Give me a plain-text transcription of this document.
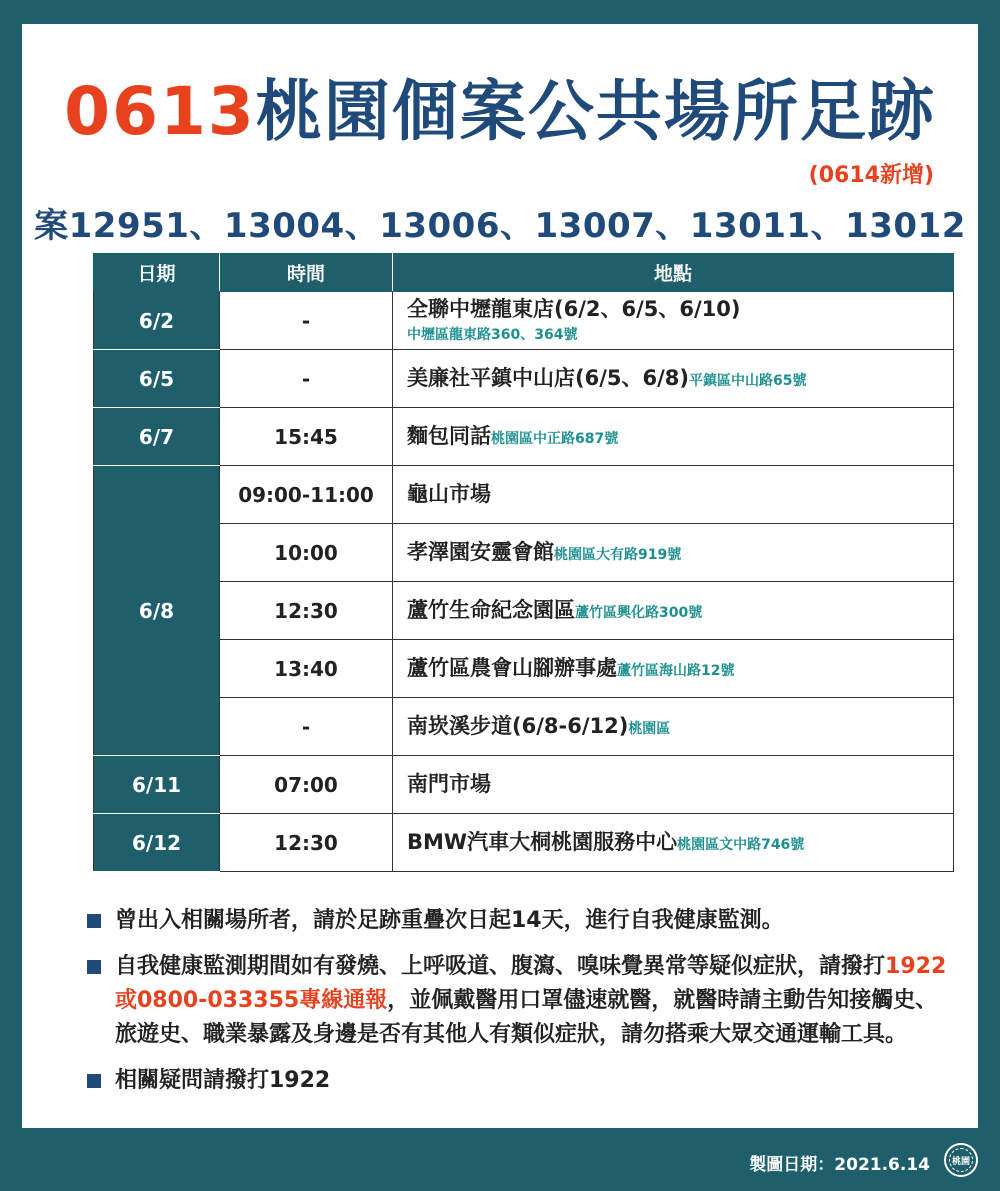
0613桃園個案公共場所足跡
(0614新增)
案12951、13004、13006、13007、13011、13012
日期	時間	地點
6/2	-	全聯中壢龍東店(6/2、6/5、6/10)
中壢區龍東路360、364號
6/5	-	美廉社平鎮中山店(6/5、6/8)平鎮區中山路65號
6/7	15:45	麵包同話桃園區中正路687號
6/8	09:00-11:00	龜山市場
	10:00	孝澤園安靈會館桃園區大有路919號
	12:30	蘆竹生命紀念園區蘆竹區興化路300號
	13:40	蘆竹區農會山腳辦事處蘆竹區海山路12號
	-	南崁溪步道(6/8-6/12)桃園區
6/11	07:00	南門市場
6/12	12:30	BMW汽車大桐桃園服務中心桃園區文中路746號
曾出入相關場所者，請於足跡重疊次日起14天，進行自我健康監測。
自我健康監測期間如有發燒、上呼吸道、腹瀉、嗅味覺異常等疑似症狀，請撥打1922或0800-033355專線通報，並佩戴醫用口罩儘速就醫，就醫時請主動告知接觸史、旅遊史、職業暴露及身邊是否有其他人有類似症狀，請勿搭乘大眾交通運輸工具。
相關疑問請撥打1922
製圖日期：2021.6.14 桃園
